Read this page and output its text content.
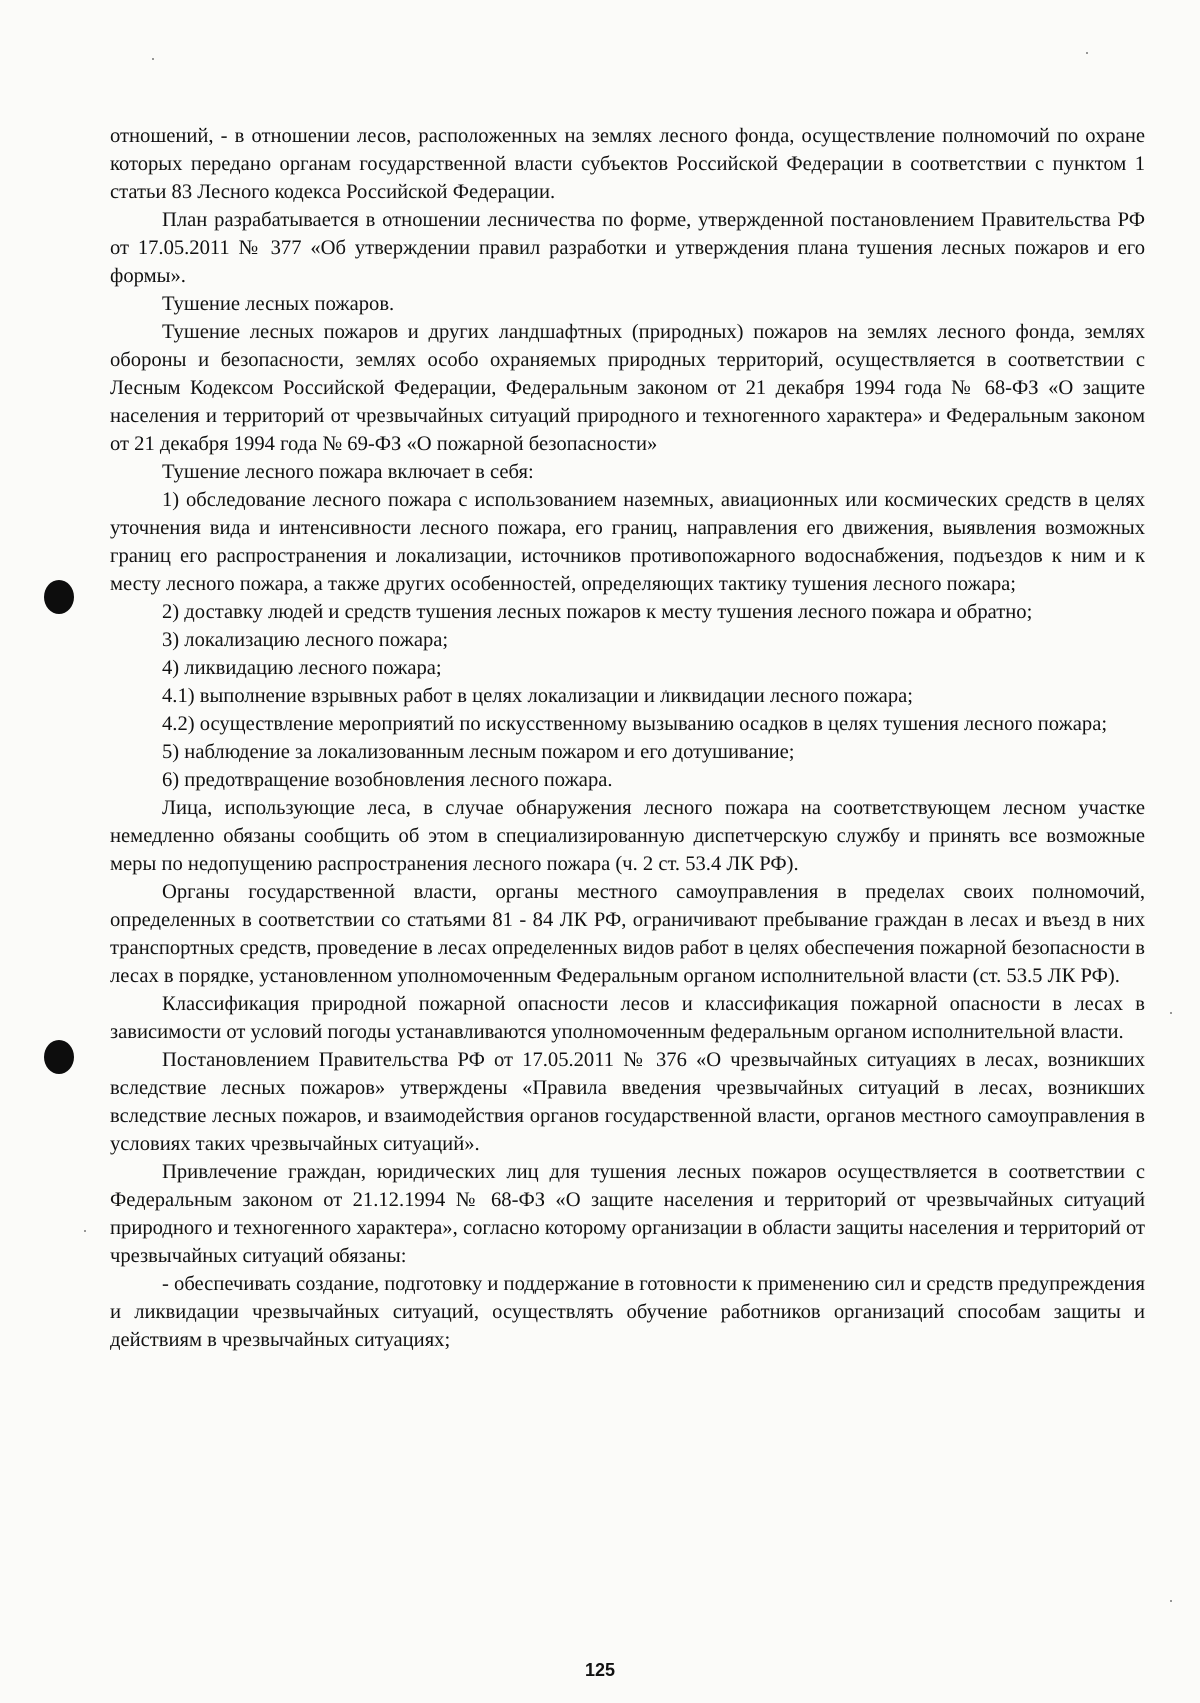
отношений, - в отношении лесов, расположенных на землях лесного фонда, осуществление полномочий по охране которых передано органам государственной власти субъектов Российской Федерации в соответствии с пунктом 1 статьи 83 Лесного кодекса Российской Федерации.

План разрабатывается в отношении лесничества по форме, утвержденной постановлением Правительства РФ от 17.05.2011 № 377 «Об утверждении правил разработки и утверждения плана тушения лесных пожаров и его формы».

Тушение лесных пожаров.

Тушение лесных пожаров и других ландшафтных (природных) пожаров на землях лесного фонда, землях обороны и безопасности, землях особо охраняемых природных территорий, осуществляется в соответствии с Лесным Кодексом Российской Федерации, Федеральным законом от 21 декабря 1994 года № 68-ФЗ «О защите населения и территорий от чрезвычайных ситуаций природного и техногенного характера» и Федеральным законом от 21 декабря 1994 года № 69-ФЗ «О пожарной безопасности»

Тушение лесного пожара включает в себя:

1) обследование лесного пожара с использованием наземных, авиационных или космических средств в целях уточнения вида и интенсивности лесного пожара, его границ, направления его движения, выявления возможных границ его распространения и локализации, источников противопожарного водоснабжения, подъездов к ним и к месту лесного пожара, а также других особенностей, определяющих тактику тушения лесного пожара;

2) доставку людей и средств тушения лесных пожаров к месту тушения лесного пожара и обратно;

3) локализацию лесного пожара;

4) ликвидацию лесного пожара;

4.1) выполнение взрывных работ в целях локализации и ликвидации лесного пожара;

4.2) осуществление мероприятий по искусственному вызыванию осадков в целях тушения лесного пожара;

5) наблюдение за локализованным лесным пожаром и его дотушивание;

6) предотвращение возобновления лесного пожара.

Лица, использующие леса, в случае обнаружения лесного пожара на соответствующем лесном участке немедленно обязаны сообщить об этом в специализированную диспетчерскую службу и принять все возможные меры по недопущению распространения лесного пожара (ч. 2 ст. 53.4 ЛК РФ).

Органы государственной власти, органы местного самоуправления в пределах своих полномочий, определенных в соответствии со статьями 81 - 84 ЛК РФ, ограничивают пребывание граждан в лесах и въезд в них транспортных средств, проведение в лесах определенных видов работ в целях обеспечения пожарной безопасности в лесах в порядке, установленном уполномоченным Федеральным органом исполнительной власти (ст. 53.5 ЛК РФ).

Классификация природной пожарной опасности лесов и классификация пожарной опасности в лесах в зависимости от условий погоды устанавливаются уполномоченным федеральным органом исполнительной власти.

Постановлением Правительства РФ от 17.05.2011 № 376 «О чрезвычайных ситуациях в лесах, возникших вследствие лесных пожаров» утверждены «Правила введения чрезвычайных ситуаций в лесах, возникших вследствие лесных пожаров, и взаимодействия органов государственной власти, органов местного самоуправления в условиях таких чрезвычайных ситуаций».

Привлечение граждан, юридических лиц для тушения лесных пожаров осуществляется в соответствии с Федеральным законом от 21.12.1994 № 68-ФЗ «О защите населения и территорий от чрезвычайных ситуаций природного и техногенного характера», согласно которому организации в области защиты населения и территорий от чрезвычайных ситуаций обязаны:

- обеспечивать создание, подготовку и поддержание в готовности к применению сил и средств предупреждения и ликвидации чрезвычайных ситуаций, осуществлять обучение работников организаций способам защиты и действиям в чрезвычайных ситуациях;

125
